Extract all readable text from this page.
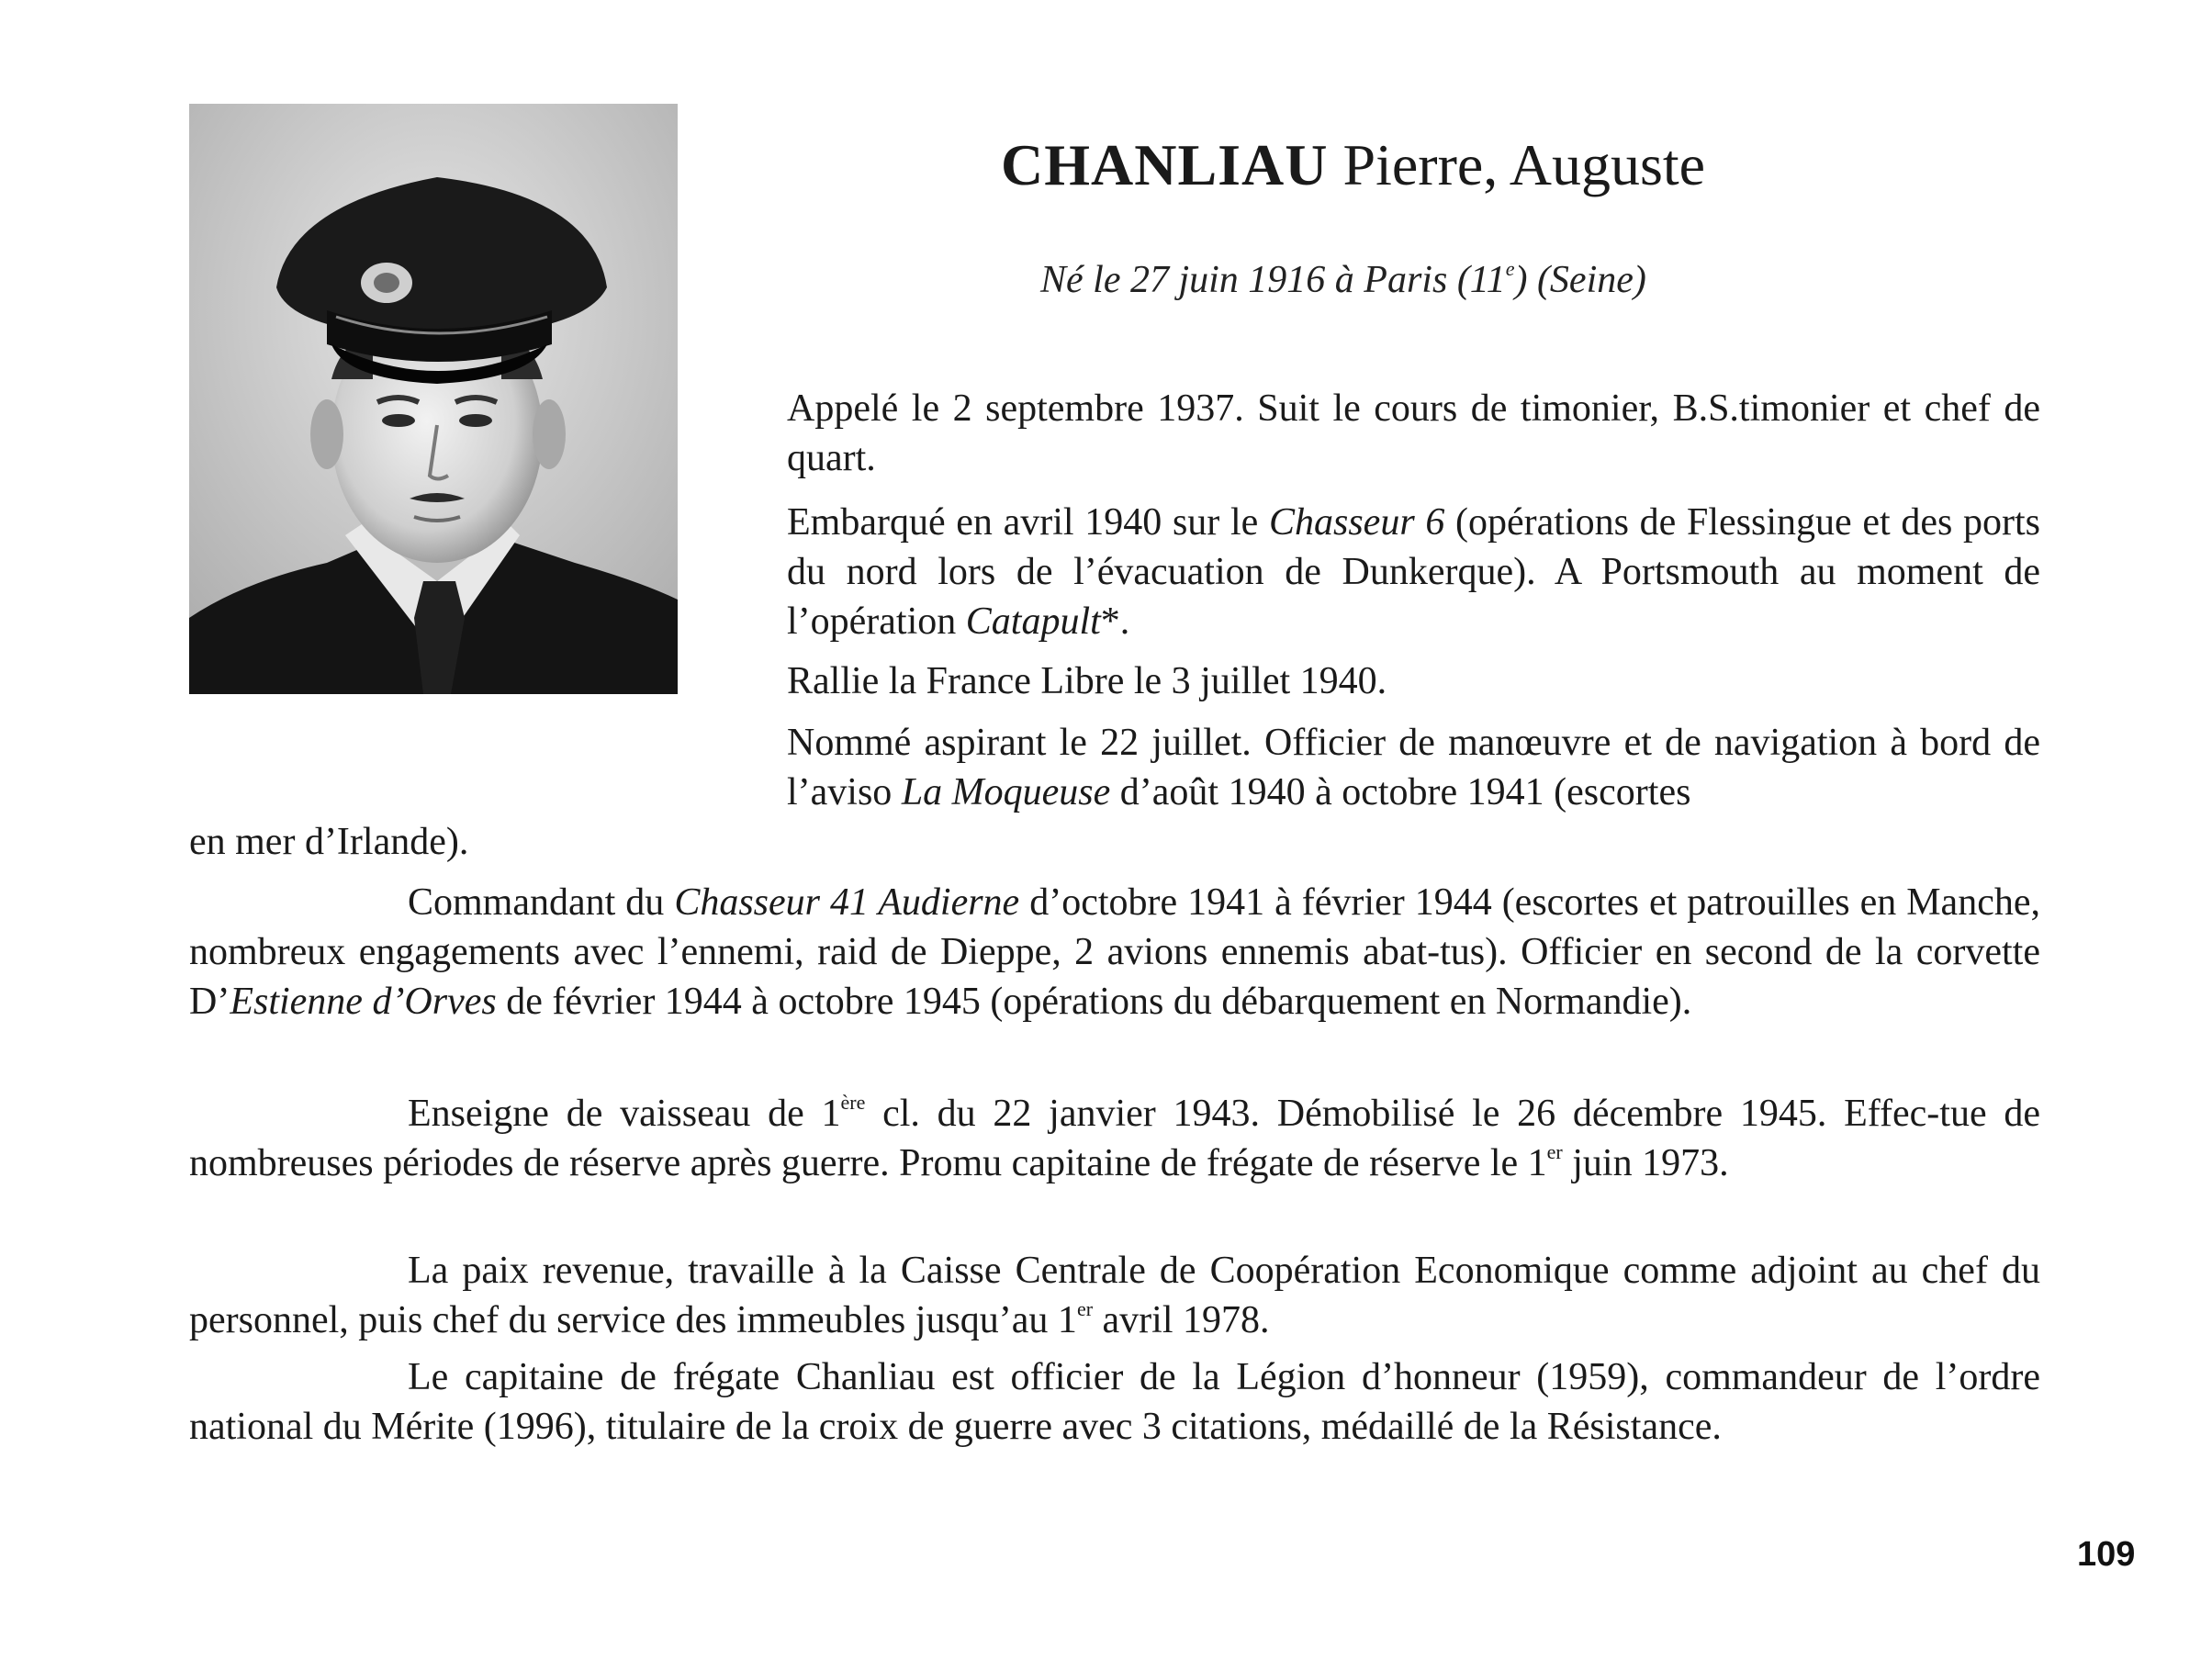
CHANLIAU Pierre, Auguste
Né le 27 juin 1916 à Paris (11e) (Seine)

Appelé le 2 septembre 1937. Suit le cours de timonier, B.S.timonier et chef de quart.

Embarqué en avril 1940 sur le Chasseur 6 (opérations de Flessingue et des ports du nord lors de l’évacuation de Dunkerque). A Portsmouth au moment de l’opération Catapult*.

Rallie la France Libre le 3 juillet 1940.

Nommé aspirant le 22 juillet. Officier de manœuvre et de navigation à bord de l’aviso La Moqueuse d’août 1940 à octobre 1941 (escortes

en mer d’Irlande).

Commandant du Chasseur 41 Audierne d’octobre 1941 à février 1944 (escortes et patrouilles en Manche, nombreux engagements avec l’ennemi, raid de Dieppe, 2 avions ennemis abat-tus). Officier en second de la corvette D’Estienne d’Orves de février 1944 à octobre 1945 (opérations du débarquement en Normandie).

Enseigne de vaisseau de 1ère cl. du 22 janvier 1943. Démobilisé le 26 décembre 1945. Effec-tue de nombreuses périodes de réserve après guerre. Promu capitaine de frégate de réserve le 1er juin 1973.

La paix revenue, travaille à la Caisse Centrale de Coopération Economique comme adjoint au chef du personnel, puis chef du service des immeubles jusqu’au 1er avril 1978.

Le capitaine de frégate Chanliau est officier de la Légion d’honneur (1959), commandeur de l’ordre national du Mérite (1996), titulaire de la croix de guerre avec 3 citations, médaillé de la Résistance.

109
